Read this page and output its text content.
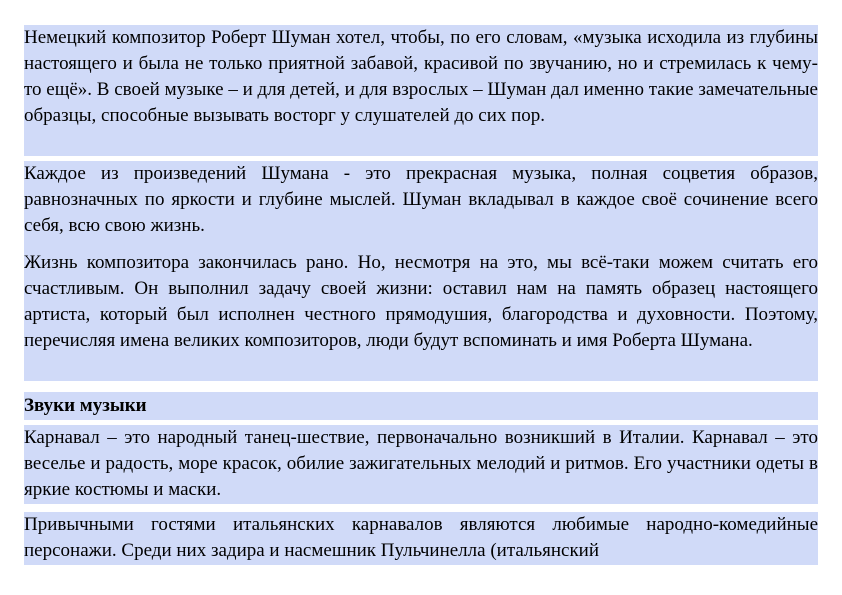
Немецкий композитор Роберт Шуман хотел, чтобы, по его словам, «музыка исходила из глубины настоящего и была не только приятной забавой, красивой по звучанию, но и стремилась к чему-то ещё». В своей музыке – и для детей, и для взрослых – Шуман дал именно такие замечательные образцы, способные вызывать восторг у слушателей до сих пор.

Каждое из произведений Шумана - это прекрасная музыка, полная соцветия образов, равнозначных по яркости и глубине мыслей. Шуман вкладывал в каждое своё сочинение всего себя, всю свою жизнь.

Жизнь композитора закончилась рано. Но, несмотря на это, мы всё-таки можем считать его счастливым. Он выполнил задачу своей жизни: оставил нам на память образец настоящего артиста, который был исполнен честного прямодушия, благородства и духовности. Поэтому, перечисляя имена великих композиторов, люди будут вспоминать и имя Роберта Шумана.

Звуки музыки

Карнавал – это народный танец-шествие, первоначально возникший в Италии. Карнавал – это веселье и радость, море красок, обилие зажигательных мелодий и ритмов. Его участники одеты в яркие костюмы и маски.

Привычными гостями итальянских карнавалов являются любимые народно-комедийные персонажи. Среди них задира и насмешник Пульчинелла (итальянский
